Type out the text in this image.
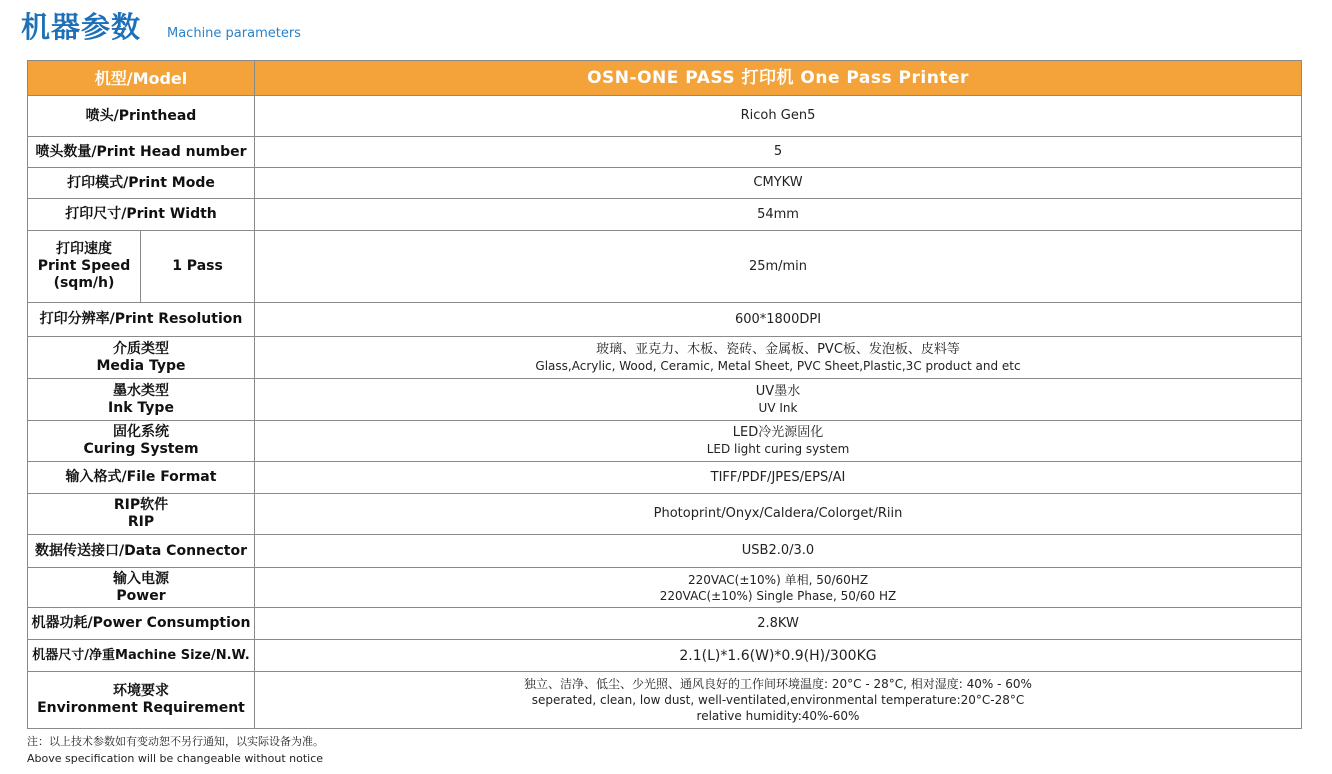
机器参数 Machine parameters
机型/Model		OSN-ONE PASS 打印机 One Pass Printer
喷头/Printhead		Ricoh Gen5
喷头数量/Print Head number		5
打印模式/Print Mode		CMYKW
打印尺寸/Print Width		54mm

打印速度
Print Speed
(sqm/h)	1 Pass	25m/min
打印分辨率/Print Resolution		600*1800DPI

介质类型
Media Type		玻璃、亚克力、木板、瓷砖、金属板、PVC板、发泡板、皮料等
Glass,Acrylic, Wood, Ceramic, Metal Sheet, PVC Sheet,Plastic,3C product and etc

墨水类型
Ink Type		UV墨水
UV Ink

固化系统
Curing System		LED冷光源固化
LED light curing system

输入格式/File Format		TIFF/PDF/JPES/EPS/AI

RIP软件
RIP		Photoprint/Onyx/Caldera/Colorget/Riin
数据传送接口/Data Connector		USB2.0/3.0

输入电源
Power		220VAC(±10%) 单相, 50/60HZ
220VAC(±10%) Single Phase, 50/60 HZ

机器功耗/Power Consumption		2.8KW
机器尺寸/净重Machine Size/N.W.		2.1(L)*1.6(W)*0.9(H)/300KG

环境要求
Environment Requirement		独立、洁净、低尘、少光照、通风良好的工作间环境温度: 20°C - 28°C, 相对湿度: 40% - 60%
seperated, clean, low dust, well-ventilated,environmental temperature:20°C-28°C
relative humidity:40%-60%
注：以上技术参数如有变动恕不另行通知，以实际设备为准。
Above specification will be changeable without notice
